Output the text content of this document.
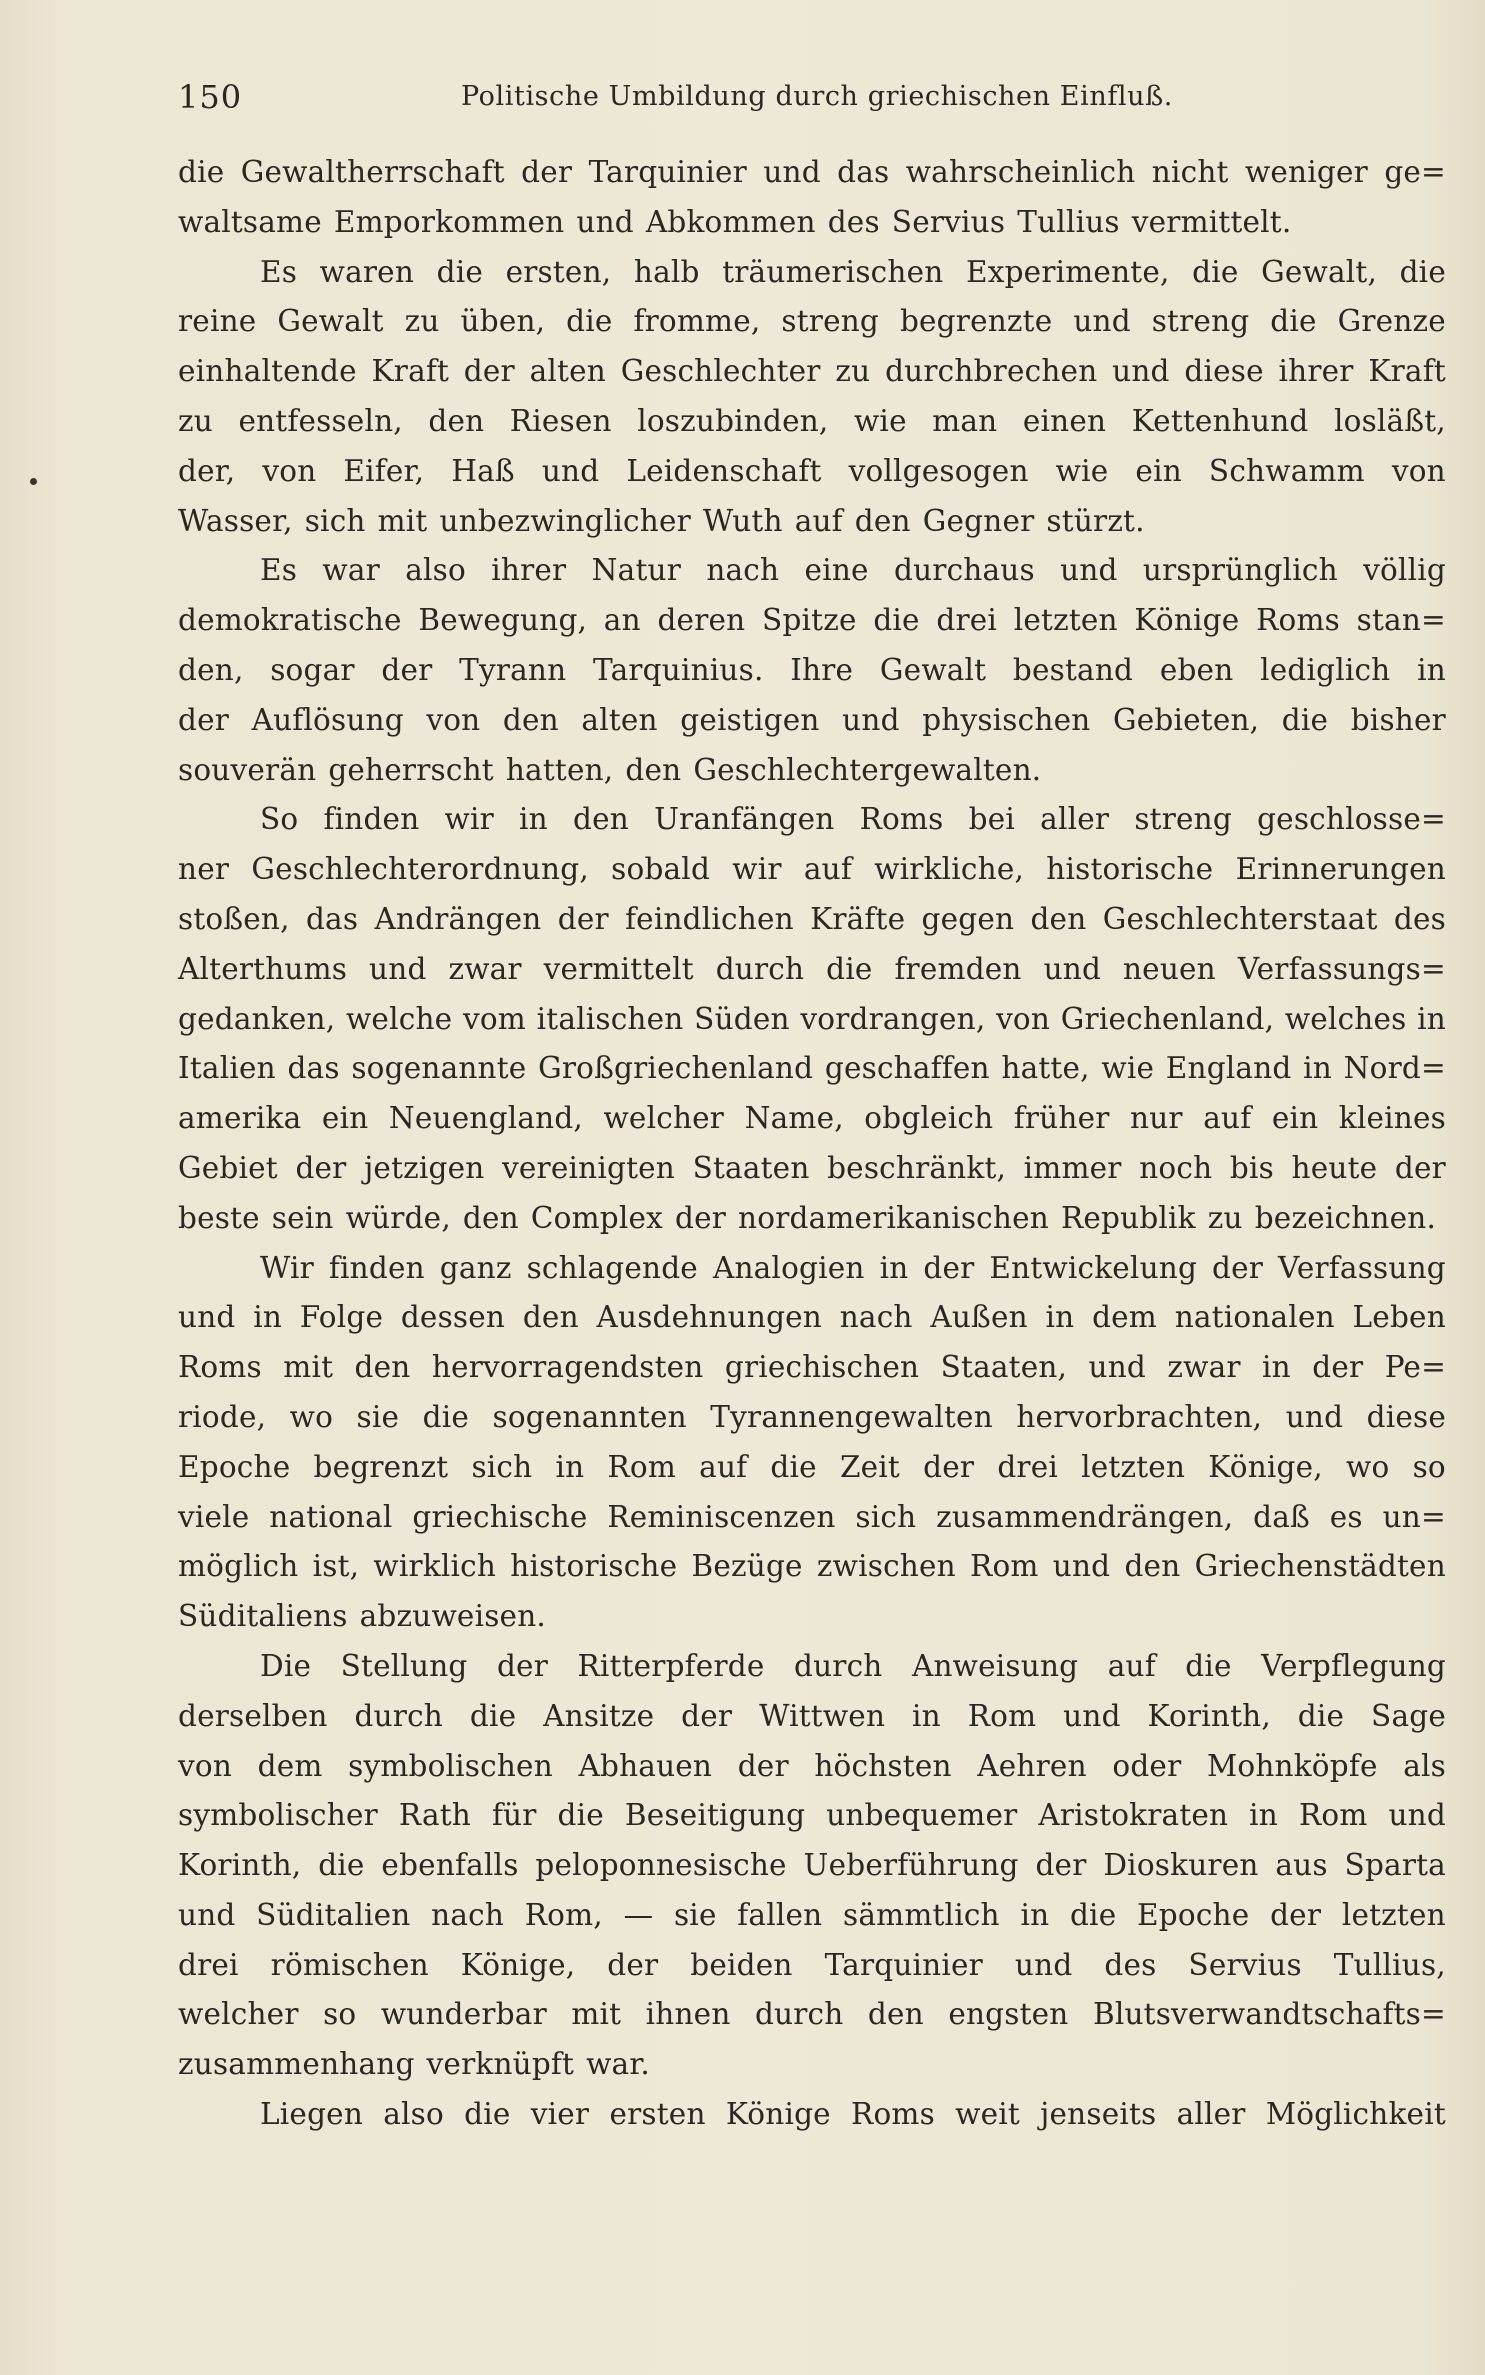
150	Politische Umbildung durch griechischen Einfluß.
die Gewaltherrschaft der Tarquinier und das wahrscheinlich nicht weniger ge=
waltsame Emporkommen und Abkommen des Servius Tullius vermittelt.
Es waren die ersten, halb träumerischen Experimente, die Gewalt, die
reine Gewalt zu üben, die fromme, streng begrenzte und streng die Grenze
einhaltende Kraft der alten Geschlechter zu durchbrechen und diese ihrer Kraft
zu entfesseln, den Riesen loszubinden, wie man einen Kettenhund losläßt,
der, von Eifer, Haß und Leidenschaft vollgesogen wie ein Schwamm von
Wasser, sich mit unbezwinglicher Wuth auf den Gegner stürzt.
Es war also ihrer Natur nach eine durchaus und ursprünglich völlig
demokratische Bewegung, an deren Spitze die drei letzten Könige Roms stan=
den, sogar der Tyrann Tarquinius. Ihre Gewalt bestand eben lediglich in
der Auflösung von den alten geistigen und physischen Gebieten, die bisher
souverän geherrscht hatten, den Geschlechtergewalten.
So finden wir in den Uranfängen Roms bei aller streng geschlosse=
ner Geschlechterordnung, sobald wir auf wirkliche, historische Erinnerungen
stoßen, das Andrängen der feindlichen Kräfte gegen den Geschlechterstaat des
Alterthums und zwar vermittelt durch die fremden und neuen Verfassungs=
gedanken, welche vom italischen Süden vordrangen, von Griechenland, welches in
Italien das sogenannte Großgriechenland geschaffen hatte, wie England in Nord=
amerika ein Neuengland, welcher Name, obgleich früher nur auf ein kleines
Gebiet der jetzigen vereinigten Staaten beschränkt, immer noch bis heute der
beste sein würde, den Complex der nordamerikanischen Republik zu bezeichnen.
Wir finden ganz schlagende Analogien in der Entwickelung der Verfassung
und in Folge dessen den Ausdehnungen nach Außen in dem nationalen Leben
Roms mit den hervorragendsten griechischen Staaten, und zwar in der Pe=
riode, wo sie die sogenannten Tyrannengewalten hervorbrachten, und diese
Epoche begrenzt sich in Rom auf die Zeit der drei letzten Könige, wo so
viele national griechische Reminiscenzen sich zusammendrängen, daß es un=
möglich ist, wirklich historische Bezüge zwischen Rom und den Griechenstädten
Süditaliens abzuweisen.
Die Stellung der Ritterpferde durch Anweisung auf die Verpflegung
derselben durch die Ansitze der Wittwen in Rom und Korinth, die Sage
von dem symbolischen Abhauen der höchsten Aehren oder Mohnköpfe als
symbolischer Rath für die Beseitigung unbequemer Aristokraten in Rom und
Korinth, die ebenfalls peloponnesische Ueberführung der Dioskuren aus Sparta
und Süditalien nach Rom, — sie fallen sämmtlich in die Epoche der letzten
drei römischen Könige, der beiden Tarquinier und des Servius Tullius,
welcher so wunderbar mit ihnen durch den engsten Blutsverwandtschafts=
zusammenhang verknüpft war.
Liegen also die vier ersten Könige Roms weit jenseits aller Möglichkeit
